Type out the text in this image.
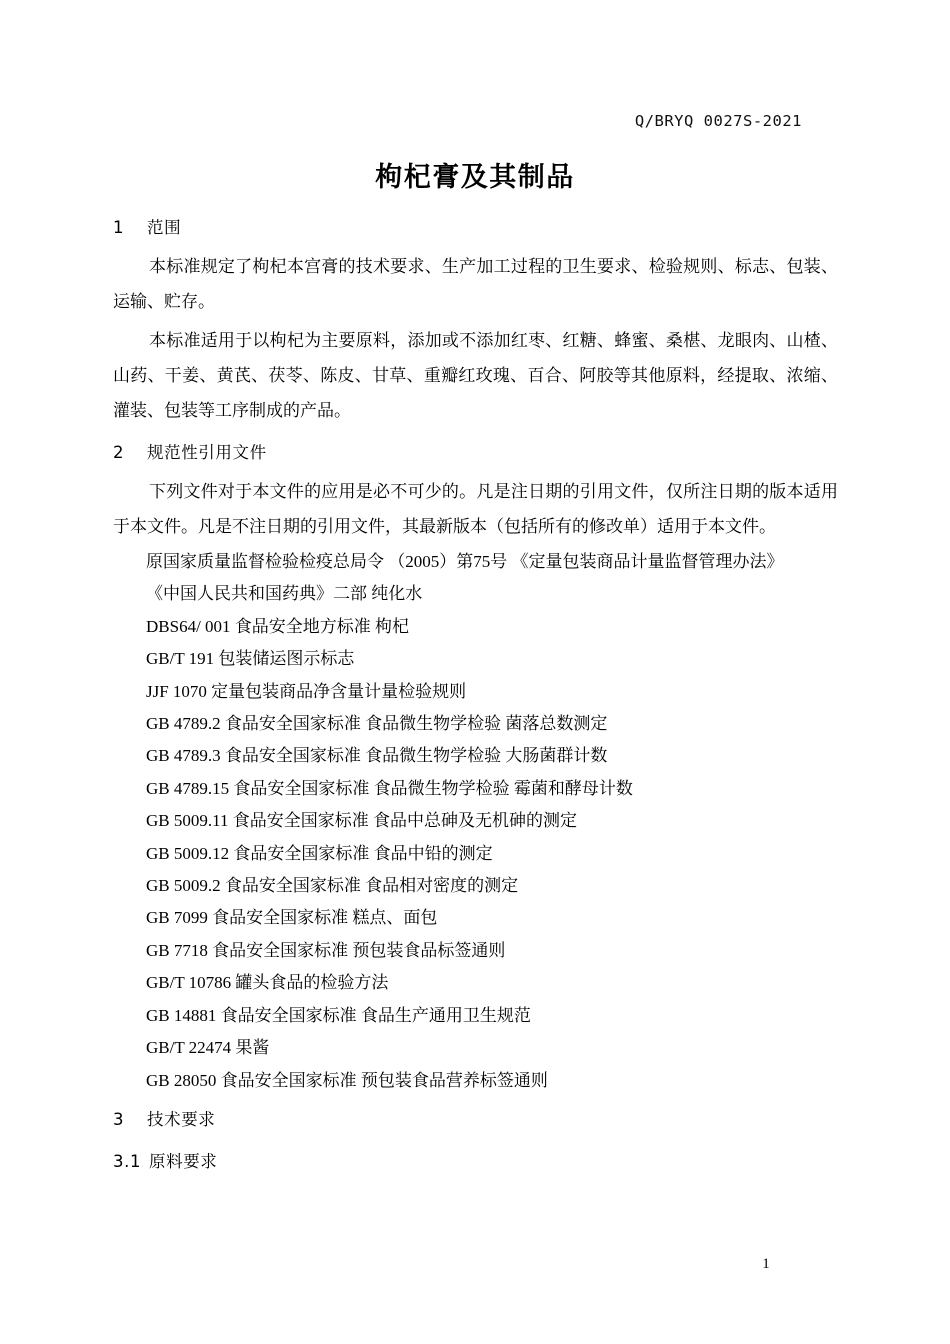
Q/BRYQ 0027S-2021
枸杞膏及其制品
1 范围

本标准规定了枸杞本宫膏的技术要求、生产加工过程的卫生要求、检验规则、标志、包装、运输、贮存。

本标准适用于以枸杞为主要原料，添加或不添加红枣、红糖、蜂蜜、桑椹、龙眼肉、山楂、山药、干姜、黄芪、茯苓、陈皮、甘草、重瓣红玫瑰、百合、阿胶等其他原料，经提取、浓缩、灌装、包装等工序制成的产品。

2 规范性引用文件

下列文件对于本文件的应用是必不可少的。凡是注日期的引用文件，仅所注日期的版本适用于本文件。凡是不注日期的引用文件，其最新版本（包括所有的修改单）适用于本文件。

原国家质量监督检验检疫总局令 （2005）第75号 《定量包装商品计量监督管理办法》
《中国人民共和国药典》二部 纯化水
DBS64/ 001 食品安全地方标准 枸杞
GB/T 191 包装储运图示标志
JJF 1070 定量包装商品净含量计量检验规则
GB 4789.2 食品安全国家标准 食品微生物学检验 菌落总数测定
GB 4789.3 食品安全国家标准 食品微生物学检验 大肠菌群计数
GB 4789.15 食品安全国家标准 食品微生物学检验 霉菌和酵母计数
GB 5009.11 食品安全国家标准 食品中总砷及无机砷的测定
GB 5009.12 食品安全国家标准 食品中铅的测定
GB 5009.2 食品安全国家标准 食品相对密度的测定
GB 7099 食品安全国家标准 糕点、面包
GB 7718 食品安全国家标准 预包装食品标签通则
GB/T 10786 罐头食品的检验方法
GB 14881 食品安全国家标准 食品生产通用卫生规范
GB/T 22474 果酱
GB 28050 食品安全国家标准 预包装食品营养标签通则
3 技术要求
3.1 原料要求
1
